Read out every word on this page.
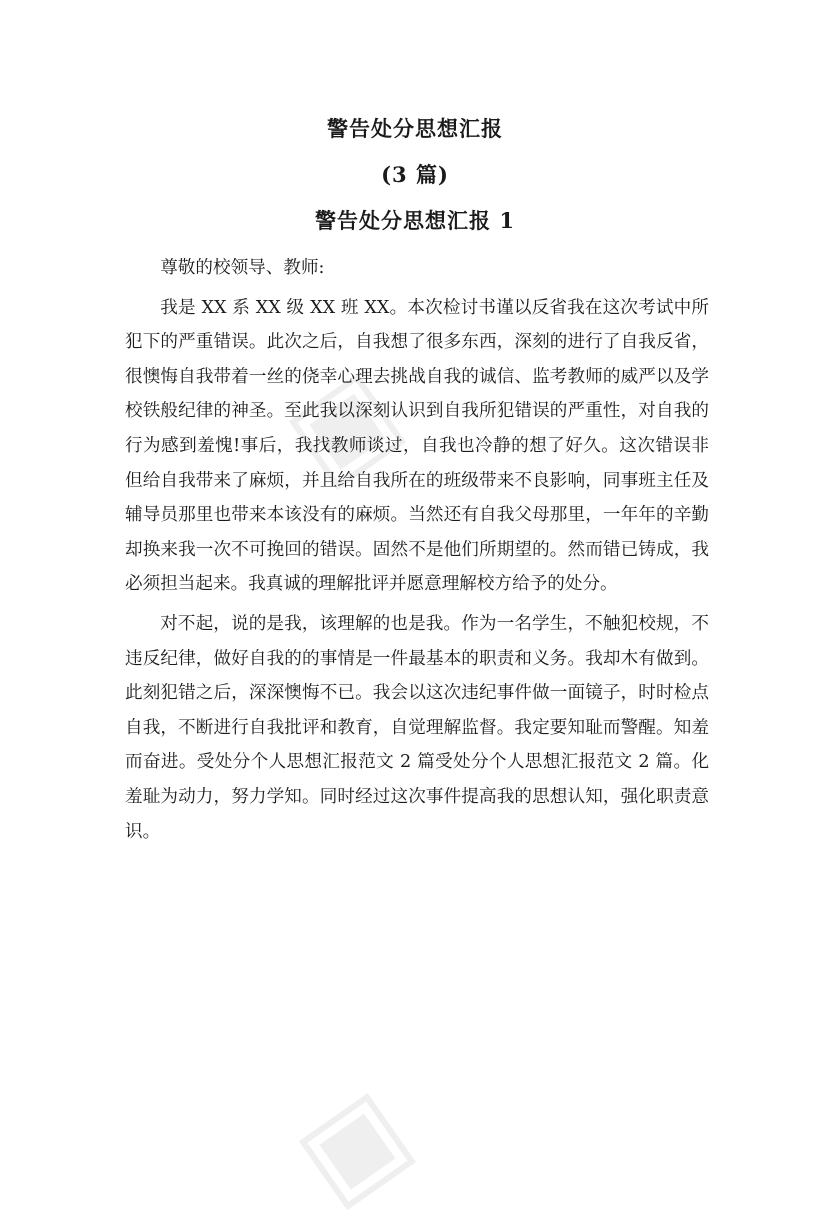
▣
▣
警告处分思想汇报
(3 篇)
警告处分思想汇报 1

尊敬的校领导、教师:

我是 XX 系 XX 级 XX 班 XX。本次检讨书谨以反省我在这次考试中所犯下的严重错误。此次之后，自我想了很多东西，深刻的进行了自我反省，很懊悔自我带着一丝的侥幸心理去挑战自我的诚信、监考教师的威严以及学校铁般纪律的神圣。至此我以深刻认识到自我所犯错误的严重性，对自我的行为感到羞愧!事后，我找教师谈过，自我也冷静的想了好久。这次错误非但给自我带来了麻烦，并且给自我所在的班级带来不良影响，同事班主任及辅导员那里也带来本该没有的麻烦。当然还有自我父母那里，一年年的辛勤却换来我一次不可挽回的错误。固然不是他们所期望的。然而错已铸成，我必须担当起来。我真诚的理解批评并愿意理解校方给予的处分。

对不起，说的是我，该理解的也是我。作为一名学生，不触犯校规，不违反纪律，做好自我的的事情是一件最基本的职责和义务。我却木有做到。此刻犯错之后，深深懊悔不已。我会以这次违纪事件做一面镜子，时时检点自我，不断进行自我批评和教育，自觉理解监督。我定要知耻而警醒。知羞而奋进。受处分个人思想汇报范文 2 篇受处分个人思想汇报范文 2 篇。化羞耻为动力，努力学知。同时经过这次事件提高我的思想认知，强化职责意识。
